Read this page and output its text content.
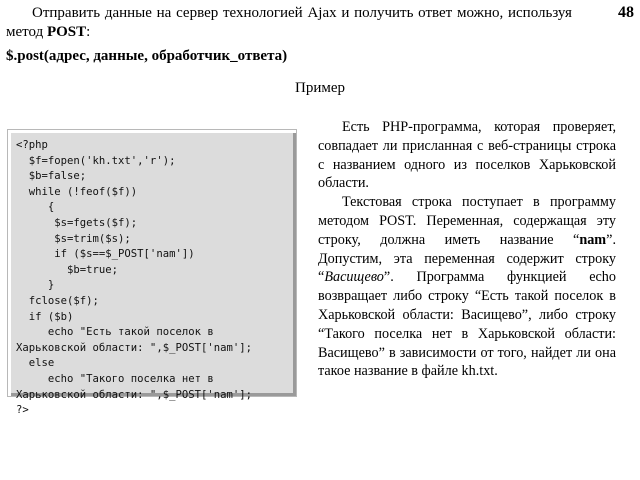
48
Отправить данные на сервер технологией Ajax и получить ответ можно, используя
метод POST:
$.post(адрес, данные, обработчик_ответа)
Пример
<?php
$f=fopen('kh.txt','r');
$b=false;
while (!feof($f))
{
$s=fgets($f);
$s=trim($s);
if ($s==$_POST['nam'])
$b=true;
}
fclose($f);
if ($b)
echo "Есть такой поселок в
Харьковской области: ",$_POST['nam'];
else
echo "Такого поселка нет в
Харьковской области: ",$_POST['nam'];
?>

Есть PHP-программа, которая проверяет, совпадает ли присланная с веб-страницы строка с названием одного из поселков Харьковской области.

Текстовая строка поступает в программу методом POST. Переменная, содержащая эту строку, должна иметь название “nam”. Допустим, эта переменная содержит строку “Васищево”. Программа функцией echo возвращает либо строку “Есть такой поселок в Харьковской области: Васищево”, либо строку “Такого поселка нет в Харьковской области: Васищево” в зависимости от того, найдет ли она такое название в файле kh.txt.
